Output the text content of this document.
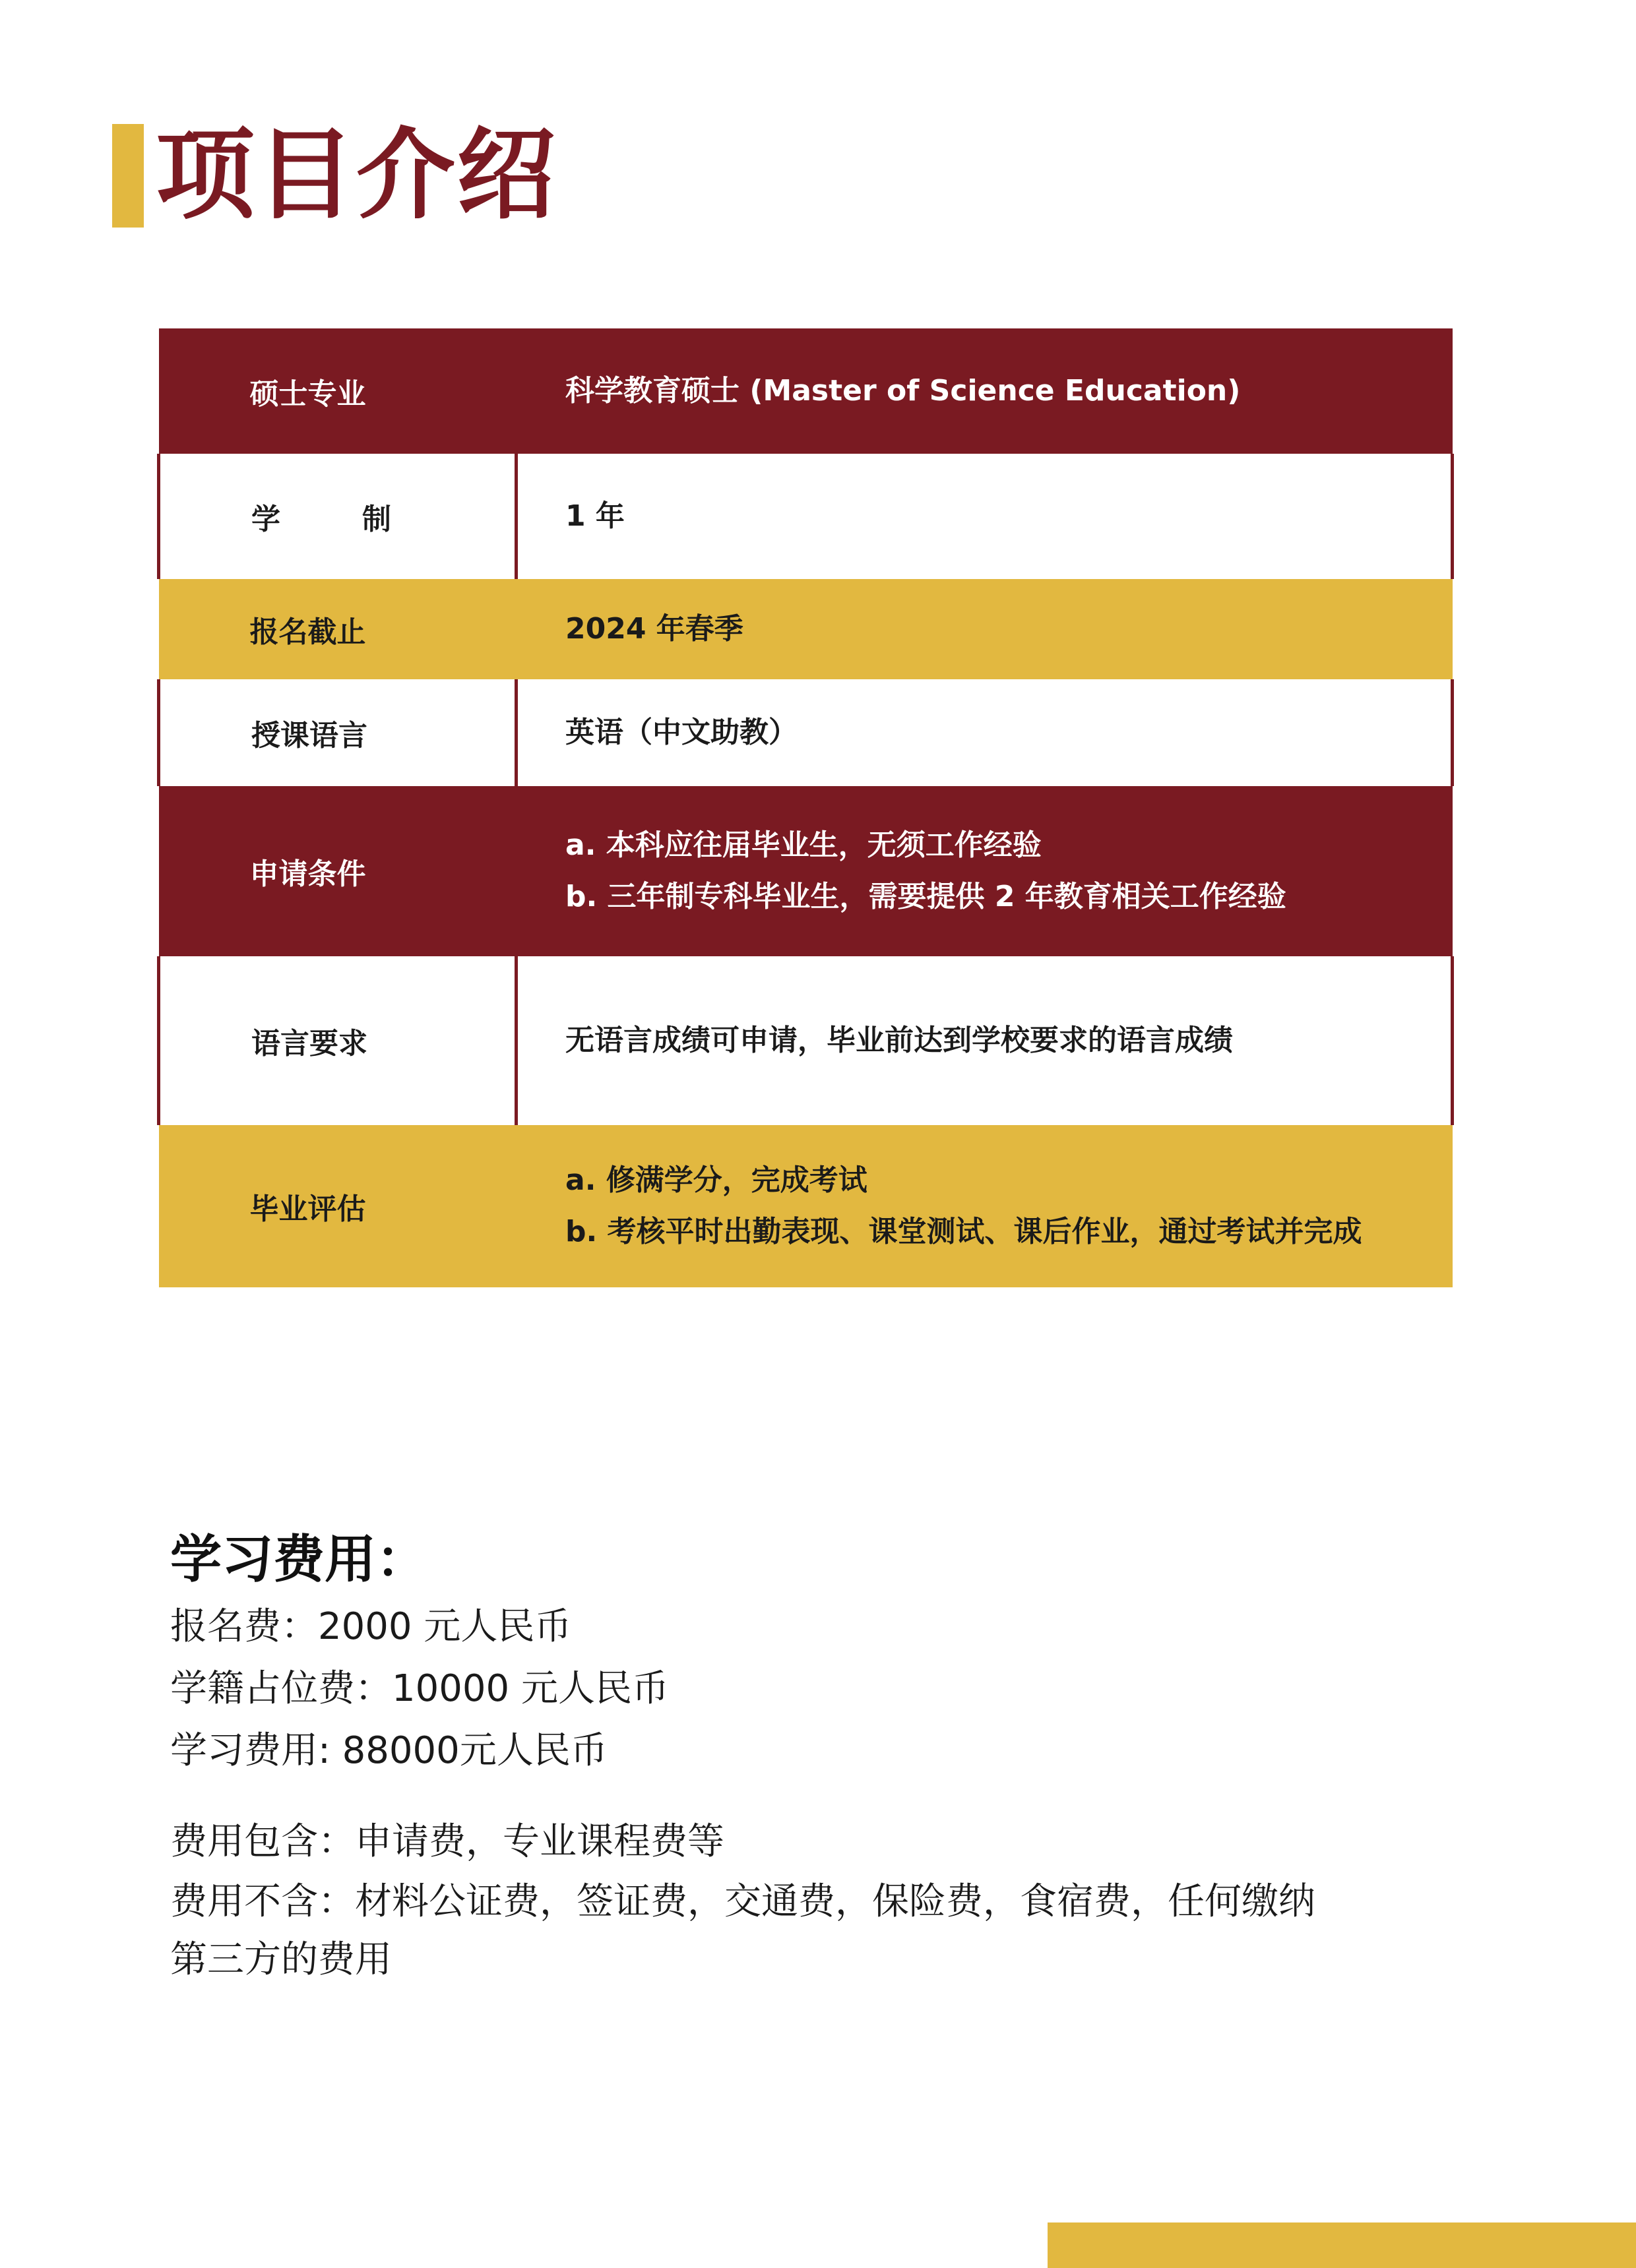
项目介绍
硕士专业	科学教育硕士 (Master of Science Education)

学　制	1 年

报名截止	2024 年春季

授课语言	英语（中文助教）

申请条件	a. 本科应往届毕业生，无须工作经验
b. 三年制专科毕业生，需要提供 2 年教育相关工作经验

语言要求	无语言成绩可申请，毕业前达到学校要求的语言成绩

毕业评估	a. 修满学分，完成考试
b. 考核平时出勤表现、课堂测试、课后作业，通过考试并完成
学习费用：
报名费：2000 元人民币
学籍占位费：10000 元人民币
学习费用: 88000元人民币
费用包含：申请费，专业课程费等
费用不含：材料公证费，签证费，交通费，保险费，食宿费，任何缴纳
第三方的费用
